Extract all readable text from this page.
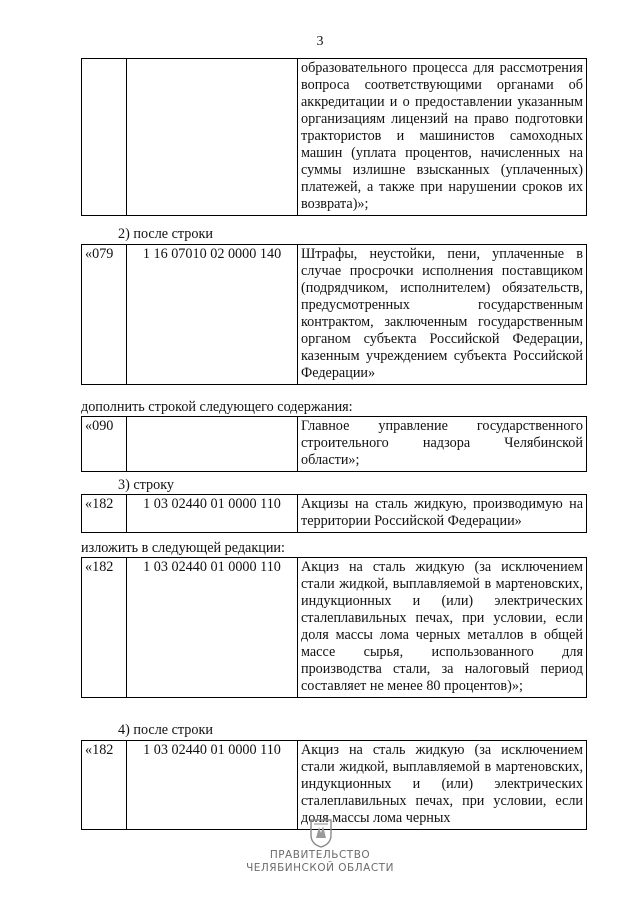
3
		образовательного процесса для рассмотрения вопроса соответствующими органами об аккредитации и о предоставлении указанным организациям лицензий на право подготовки трактористов и машинистов самоходных машин (уплата процентов, начисленных на суммы излишне взысканных (уплаченных) платежей, а также при нарушении сроков их возврата)»;
2) после строки
«079	1 16 07010 02 0000 140	Штрафы, неустойки, пени, уплаченные в случае просрочки исполнения поставщиком (подрядчиком, исполнителем) обязательств, предусмотренных государственным контрактом, заключенным государственным органом субъекта Российской Федерации, казенным учреждением субъекта Российской Федерации»
дополнить строкой следующего содержания:
«090		Главное управление государственного строительного надзора Челябинской области»;
3) строку
«182	1 03 02440 01 0000 110	Акцизы на сталь жидкую, производимую на территории Российской Федерации»
изложить в следующей редакции:
«182	1 03 02440 01 0000 110	Акциз на сталь жидкую (за исключением стали жидкой, выплавляемой в мартеновских, индукционных и (или) электрических сталеплавильных печах, при условии, если доля массы лома черных металлов в общей массе сырья, использованного для производства стали, за налоговый период составляет не менее 80 процентов)»;
4) после строки
«182	1 03 02440 01 0000 110	Акциз на сталь жидкую (за исключением стали жидкой, выплавляемой в мартеновских, индукционных и (или) электрических сталеплавильных печах, при условии, если доля массы лома черных
ПРАВИТЕЛЬСТВО
ЧЕЛЯБИНСКОЙ ОБЛАСТИ
